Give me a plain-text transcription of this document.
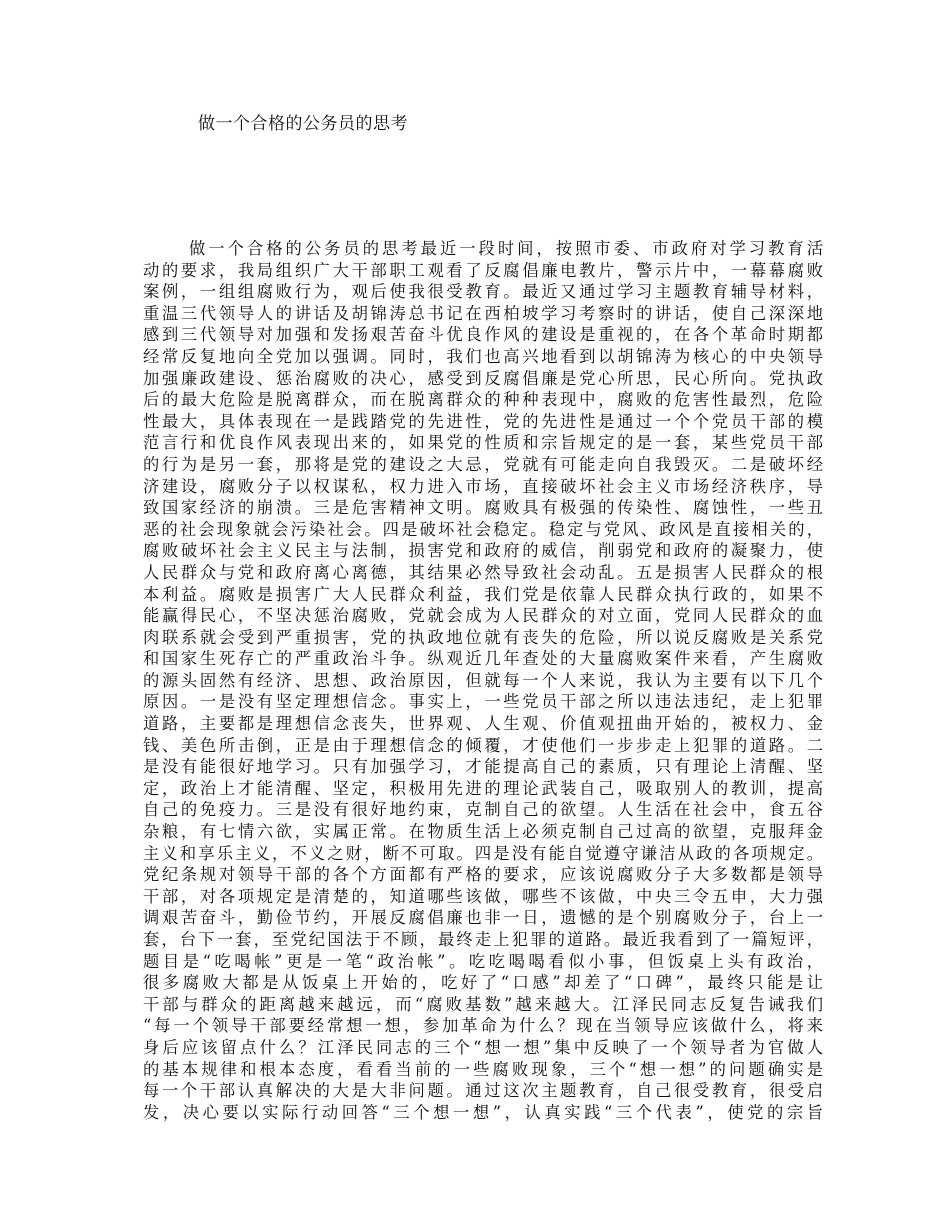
做一个合格的公务员的思考
做一个合格的公务员的思考最近一段时间，按照市委、市政府对学习教育活
动的要求，我局组织广大干部职工观看了反腐倡廉电教片，警示片中，一幕幕腐败
案例，一组组腐败行为，观后使我很受教育。最近又通过学习主题教育辅导材料，
重温三代领导人的讲话及胡锦涛总书记在西柏坡学习考察时的讲话，使自己深深地
感到三代领导对加强和发扬艰苦奋斗优良作风的建设是重视的，在各个革命时期都
经常反复地向全党加以强调。同时，我们也高兴地看到以胡锦涛为核心的中央领导
加强廉政建设、惩治腐败的决心，感受到反腐倡廉是党心所思，民心所向。党执政
后的最大危险是脱离群众，而在脱离群众的种种表现中，腐败的危害性最烈，危险
性最大，具体表现在一是践踏党的先进性，党的先进性是通过一个个党员干部的模
范言行和优良作风表现出来的，如果党的性质和宗旨规定的是一套，某些党员干部
的行为是另一套，那将是党的建设之大忌，党就有可能走向自我毁灭。二是破坏经
济建设，腐败分子以权谋私，权力进入市场，直接破坏社会主义市场经济秩序，导
致国家经济的崩溃。三是危害精神文明。腐败具有极强的传染性、腐蚀性，一些丑
恶的社会现象就会污染社会。四是破坏社会稳定。稳定与党风、政风是直接相关的，
腐败破坏社会主义民主与法制，损害党和政府的威信，削弱党和政府的凝聚力，使
人民群众与党和政府离心离德，其结果必然导致社会动乱。五是损害人民群众的根
本利益。腐败是损害广大人民群众利益，我们党是依靠人民群众执行政的，如果不
能赢得民心，不坚决惩治腐败，党就会成为人民群众的对立面，党同人民群众的血
肉联系就会受到严重损害，党的执政地位就有丧失的危险，所以说反腐败是关系党
和国家生死存亡的严重政治斗争。纵观近几年查处的大量腐败案件来看，产生腐败
的源头固然有经济、思想、政治原因，但就每一个人来说，我认为主要有以下几个
原因。一是没有坚定理想信念。事实上，一些党员干部之所以违法违纪，走上犯罪
道路，主要都是理想信念丧失，世界观、人生观、价值观扭曲开始的，被权力、金
钱、美色所击倒，正是由于理想信念的倾覆，才使他们一步步走上犯罪的道路。二
是没有能很好地学习。只有加强学习，才能提高自己的素质，只有理论上清醒、坚
定，政治上才能清醒、坚定，积极用先进的理论武装自己，吸取别人的教训，提高
自己的免疫力。三是没有很好地约束，克制自己的欲望。人生活在社会中，食五谷
杂粮，有七情六欲，实属正常。在物质生活上必须克制自己过高的欲望，克服拜金
主义和享乐主义，不义之财，断不可取。四是没有能自觉遵守谦洁从政的各项规定。
党纪条规对领导干部的各个方面都有严格的要求，应该说腐败分子大多数都是领导
干部，对各项规定是清楚的，知道哪些该做，哪些不该做，中央三令五申，大力强
调艰苦奋斗，勤俭节约，开展反腐倡廉也非一日，遗憾的是个别腐败分子，台上一
套，台下一套，至党纪国法于不顾，最终走上犯罪的道路。最近我看到了一篇短评，
题目是“吃喝帐”更是一笔“政治帐”。吃吃喝喝看似小事，但饭桌上头有政治，
很多腐败大都是从饭桌上开始的，吃好了“口感”却差了“口碑”，最终只能是让
干部与群众的距离越来越远，而“腐败基数”越来越大。江泽民同志反复告诫我们
“每一个领导干部要经常想一想，参加革命为什么？现在当领导应该做什么，将来
身后应该留点什么？江泽民同志的三个“想一想”集中反映了一个领导者为官做人
的基本规律和根本态度，看看当前的一些腐败现象，三个“想一想”的问题确实是
每一个干部认真解决的大是大非问题。通过这次主题教育，自己很受教育，很受启
发，决心要以实际行动回答“三个想一想”，认真实践“三个代表”，使党的宗旨
